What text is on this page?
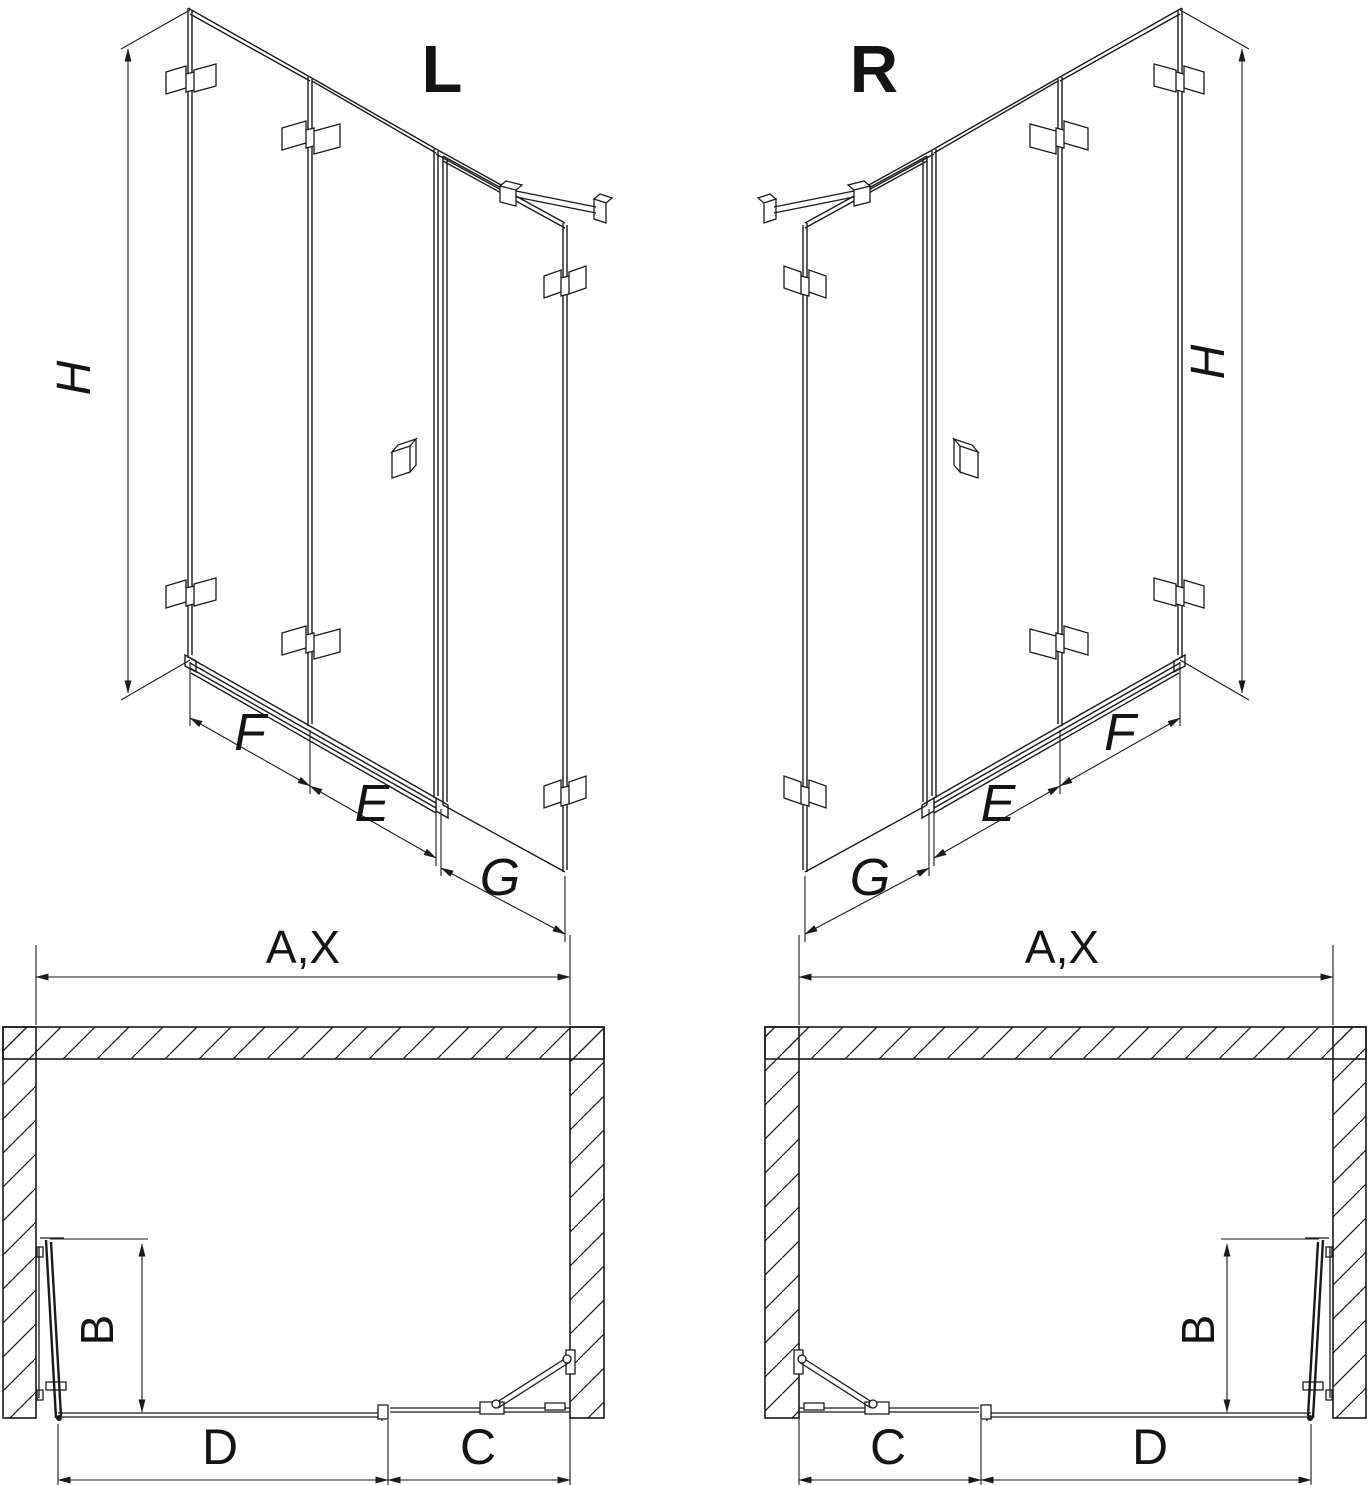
L	R
H	H
F
E
G	G
E
F
A,X	A,X
B	B
D	C	C	D
